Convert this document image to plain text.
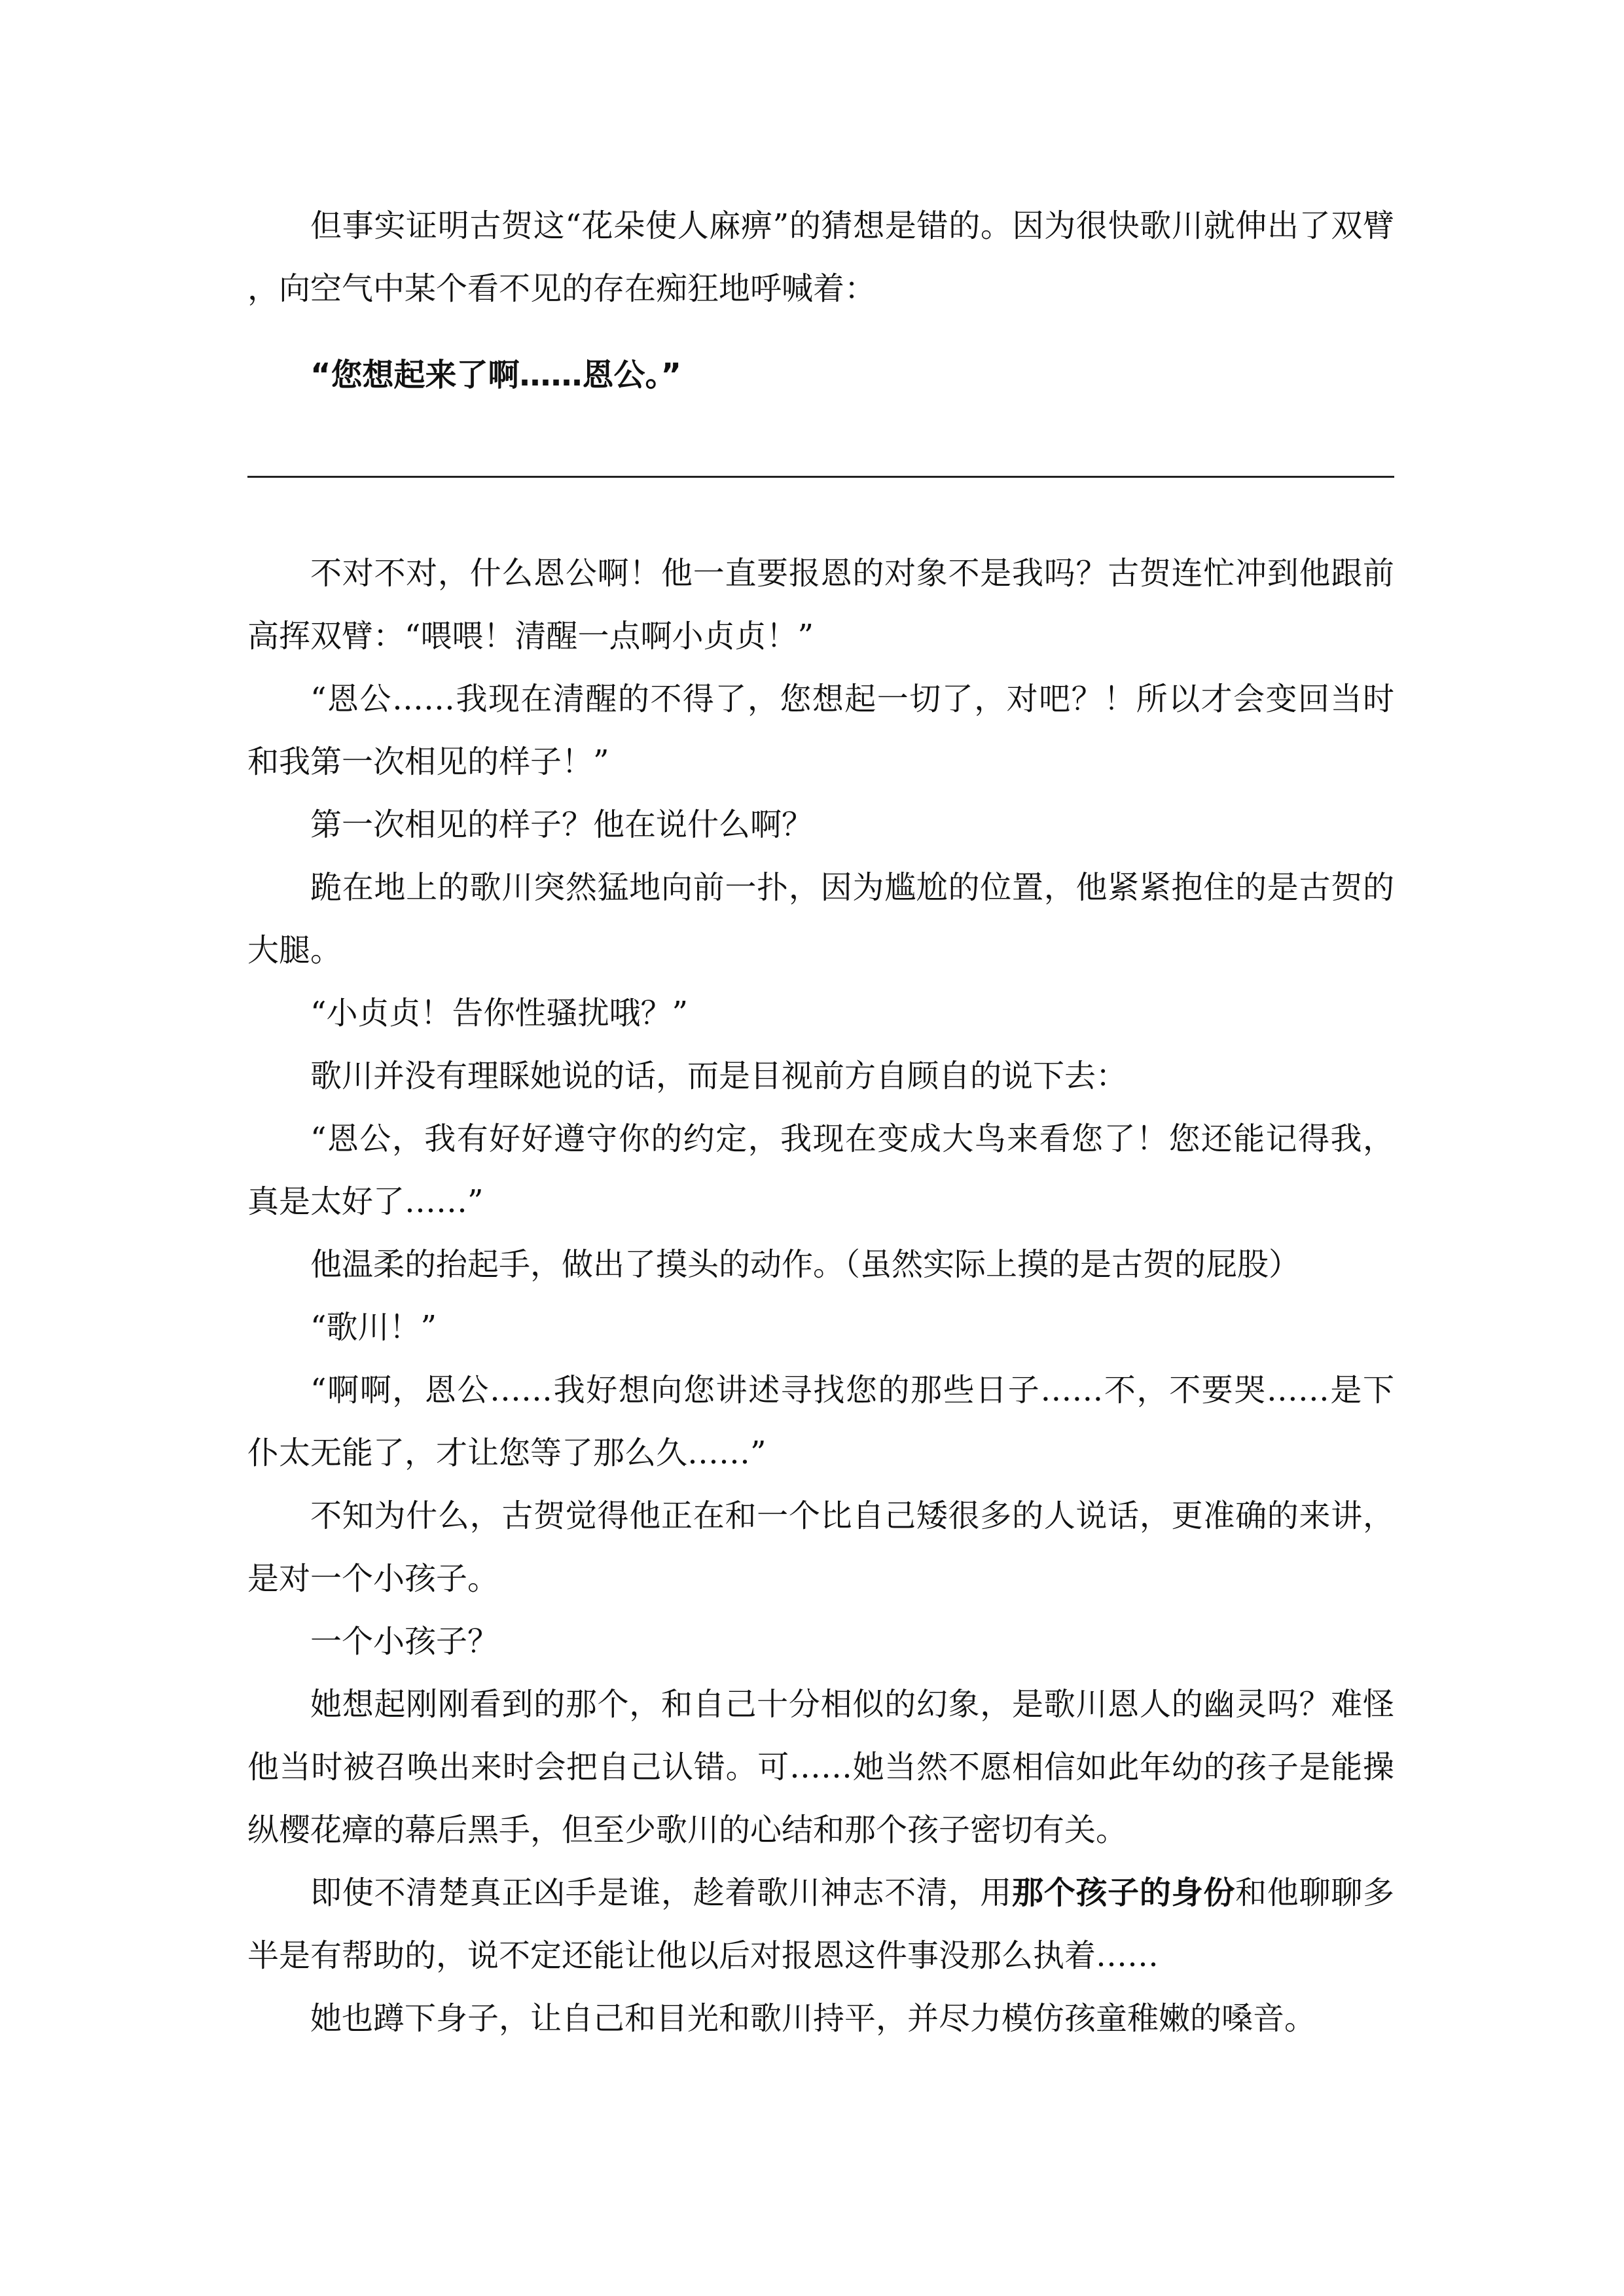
但事实证明古贺这“花朵使人麻痹”的猜想是错的。因为很快歌川就伸出了双臂，向空气中某个看不见的存在痴狂地呼喊着：

“您想起来了啊……恩公。”

不对不对，什么恩公啊！他一直要报恩的对象不是我吗？古贺连忙冲到他跟前高挥双臂：“喂喂！清醒一点啊小贞贞！”

“恩公……我现在清醒的不得了，您想起一切了，对吧？！所以才会变回当时和我第一次相见的样子！”

第一次相见的样子？他在说什么啊？

跪在地上的歌川突然猛地向前一扑，因为尴尬的位置，他紧紧抱住的是古贺的大腿。

“小贞贞！告你性骚扰哦？”

歌川并没有理睬她说的话，而是目视前方自顾自的说下去：

“恩公，我有好好遵守你的约定，我现在变成大鸟来看您了！您还能记得我，真是太好了……”

他温柔的抬起手，做出了摸头的动作。（虽然实际上摸的是古贺的屁股）

“歌川！”

“啊啊，恩公……我好想向您讲述寻找您的那些日子……不，不要哭……是下仆太无能了，才让您等了那么久……”

不知为什么，古贺觉得他正在和一个比自己矮很多的人说话，更准确的来讲，是对一个小孩子。

一个小孩子？

她想起刚刚看到的那个，和自己十分相似的幻象，是歌川恩人的幽灵吗？难怪他当时被召唤出来时会把自己认错。可……她当然不愿相信如此年幼的孩子是能操纵樱花瘴的幕后黑手，但至少歌川的心结和那个孩子密切有关。

即使不清楚真正凶手是谁，趁着歌川神志不清，用那个孩子的身份和他聊聊多半是有帮助的，说不定还能让他以后对报恩这件事没那么执着……

她也蹲下身子，让自己和目光和歌川持平，并尽力模仿孩童稚嫩的嗓音。
